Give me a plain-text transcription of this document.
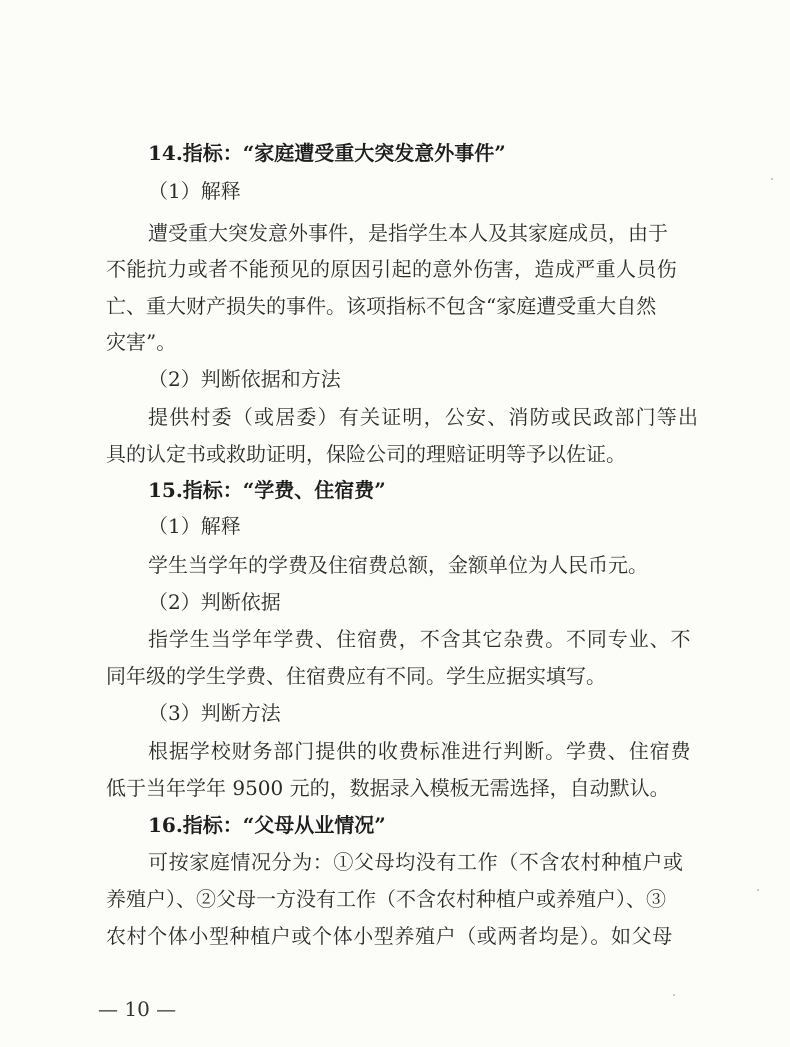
14.指标：“家庭遭受重大突发意外事件”
（1）解释
遭受重大突发意外事件，是指学生本人及其家庭成员，由于
不能抗力或者不能预见的原因引起的意外伤害，造成严重人员伤
亡、重大财产损失的事件。该项指标不包含“家庭遭受重大自然
灾害”。
（2）判断依据和方法
提供村委（或居委）有关证明，公安、消防或民政部门等出
具的认定书或救助证明，保险公司的理赔证明等予以佐证。
15.指标：“学费、住宿费”
（1）解释
学生当学年的学费及住宿费总额，金额单位为人民币元。
（2）判断依据
指学生当学年学费、住宿费，不含其它杂费。不同专业、不
同年级的学生学费、住宿费应有不同。学生应据实填写。
（3）判断方法
根据学校财务部门提供的收费标准进行判断。学费、住宿费
低于当年学年 9500 元的，数据录入模板无需选择，自动默认。
16.指标：“父母从业情况”
可按家庭情况分为：①父母均没有工作（不含农村种植户或
养殖户）、②父母一方没有工作（不含农村种植户或养殖户）、③
农村个体小型种植户或个体小型养殖户（或两者均是）。如父母
— 10 —
